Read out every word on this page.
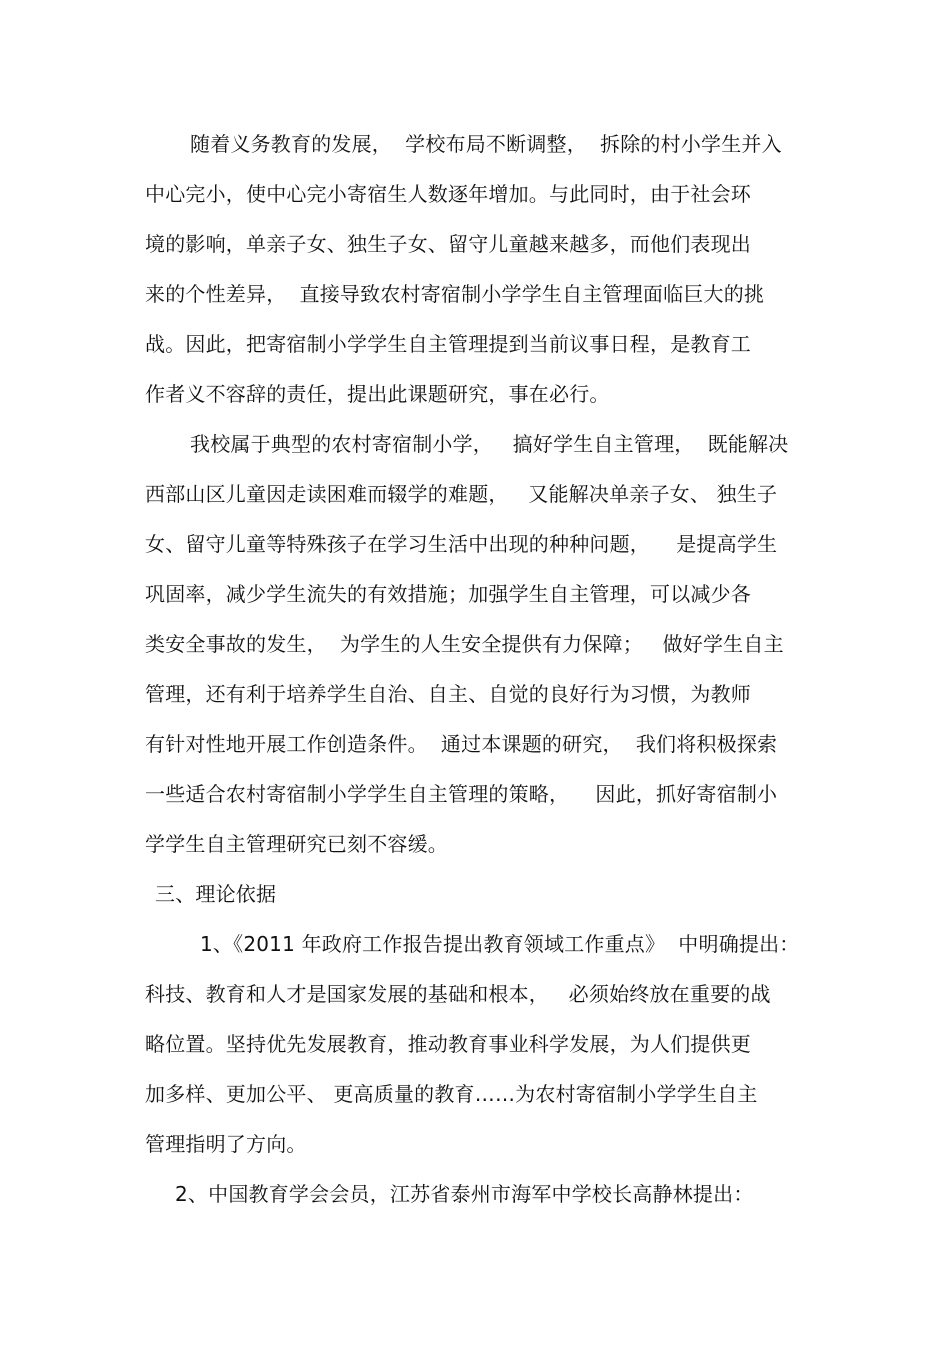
随着义务教育的发展，  学校布局不断调整，  拆除的村小学生并入
中心完小，使中心完小寄宿生人数逐年增加。与此同时，由于社会环
境的影响，单亲子女、独生子女、留守儿童越来越多，而他们表现出
来的个性差异，  直接导致农村寄宿制小学学生自主管理面临巨大的挑
战。因此，把寄宿制小学学生自主管理提到当前议事日程，是教育工
作者义不容辞的责任，提出此课题研究，事在必行。
我校属于典型的农村寄宿制小学，   搞好学生自主管理，  既能解决
西部山区儿童因走读困难而辍学的难题，   又能解决单亲子女、 独生子
女、留守儿童等特殊孩子在学习生活中出现的种种问题，    是提高学生
巩固率，减少学生流失的有效措施；加强学生自主管理，可以减少各
类安全事故的发生，  为学生的人生安全提供有力保障；   做好学生自主
管理，还有利于培养学生自治、自主、自觉的良好行为习惯，为教师
有针对性地开展工作创造条件。  通过本课题的研究，  我们将积极探索
一些适合农村寄宿制小学学生自主管理的策略，    因此，抓好寄宿制小
学学生自主管理研究已刻不容缓。
三、理论依据
1、《2011 年政府工作报告提出教育领域工作重点》  中明确提出：
科技、教育和人才是国家发展的基础和根本，   必须始终放在重要的战
略位置。坚持优先发展教育，推动教育事业科学发展，为人们提供更
加多样、更加公平、 更高质量的教育……为农村寄宿制小学学生自主
管理指明了方向。
2、中国教育学会会员，江苏省泰州市海军中学校长高静林提出：
